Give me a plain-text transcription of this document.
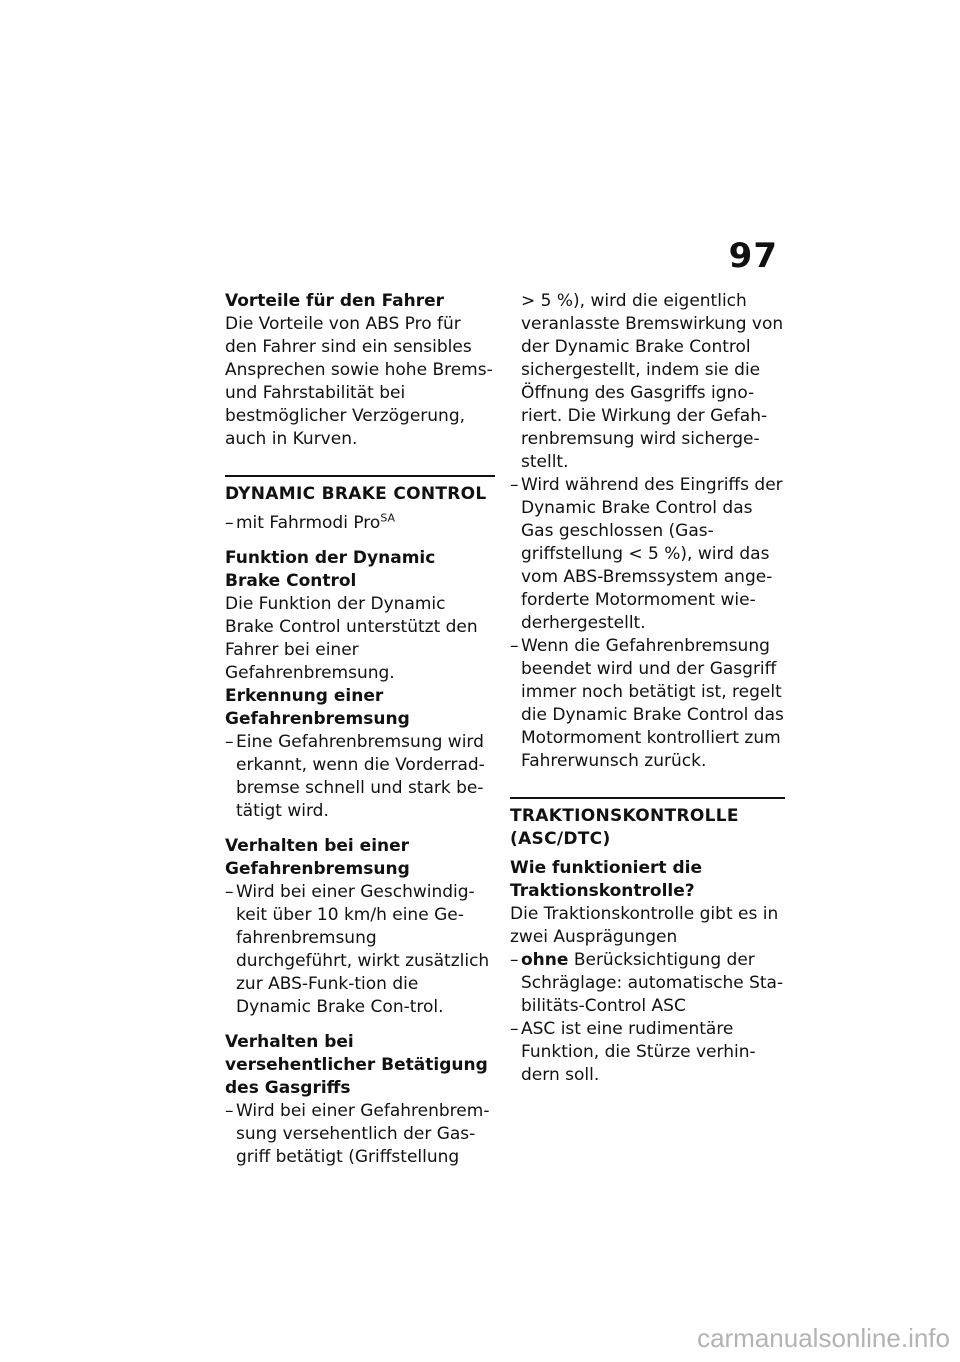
97

Vorteile für den Fahrer

Die Vorteile von ABS Pro für den Fahrer sind ein sensibles Ansprechen sowie hohe Brems- und Fahrstabilität bei bestmöglicher Verzögerung, auch in Kurven.

DYNAMIC BRAKE CONTROL

– mit Fahrmodi Pro$^{SA}$

Funktion der Dynamic Brake Control

Die Funktion der Dynamic Brake Control unterstützt den Fahrer bei einer Gefahrenbremsung.

Erkennung einer Gefahrenbremsung

– Eine Gefahrenbremsung wird erkannt, wenn die Vorderrad-bremse schnell und stark be-tätigt wird.

Verhalten bei einer Gefahrenbremsung

– Wird bei einer Geschwindig-keit über 10 km/h eine Ge-fahrenbremsung durchgeführt, wirkt zusätzlich zur ABS-Funk-tion die Dynamic Brake Con-trol.

Verhalten bei versehentlicher Betätigung des Gasgriffs

– Wird bei einer Gefahrenbrem-sung versehentlich der Gas-griff betätigt (Griffstellung
> 5 %), wird die eigentlich veranlasste Bremswirkung von der Dynamic Brake Control sichergestellt, indem sie die Öffnung des Gasgriffs igno-riert. Die Wirkung der Gefah-renbremsung wird sicherge-stellt.
– Wird während des Eingriffs der Dynamic Brake Control das Gas geschlossen (Gas-griffstellung < 5 %), wird das vom ABS-Bremssystem ange-forderte Motormoment wie-derhergestellt.
– Wenn die Gefahrenbremsung beendet wird und der Gasgriff immer noch betätigt ist, regelt die Dynamic Brake Control das Motormoment kontrolliert zum Fahrerwunsch zurück.

TRAKTIONSKONTROLLE (ASC/DTC)

Wie funktioniert die Traktionskontrolle?

Die Traktionskontrolle gibt es in zwei Ausprägungen

– ohne Berücksichtigung der Schräglage: automatische Sta-bilitäts-Control ASC
– ASC ist eine rudimentäre Funktion, die Stürze verhin-dern soll.
carmanualsonline.info
